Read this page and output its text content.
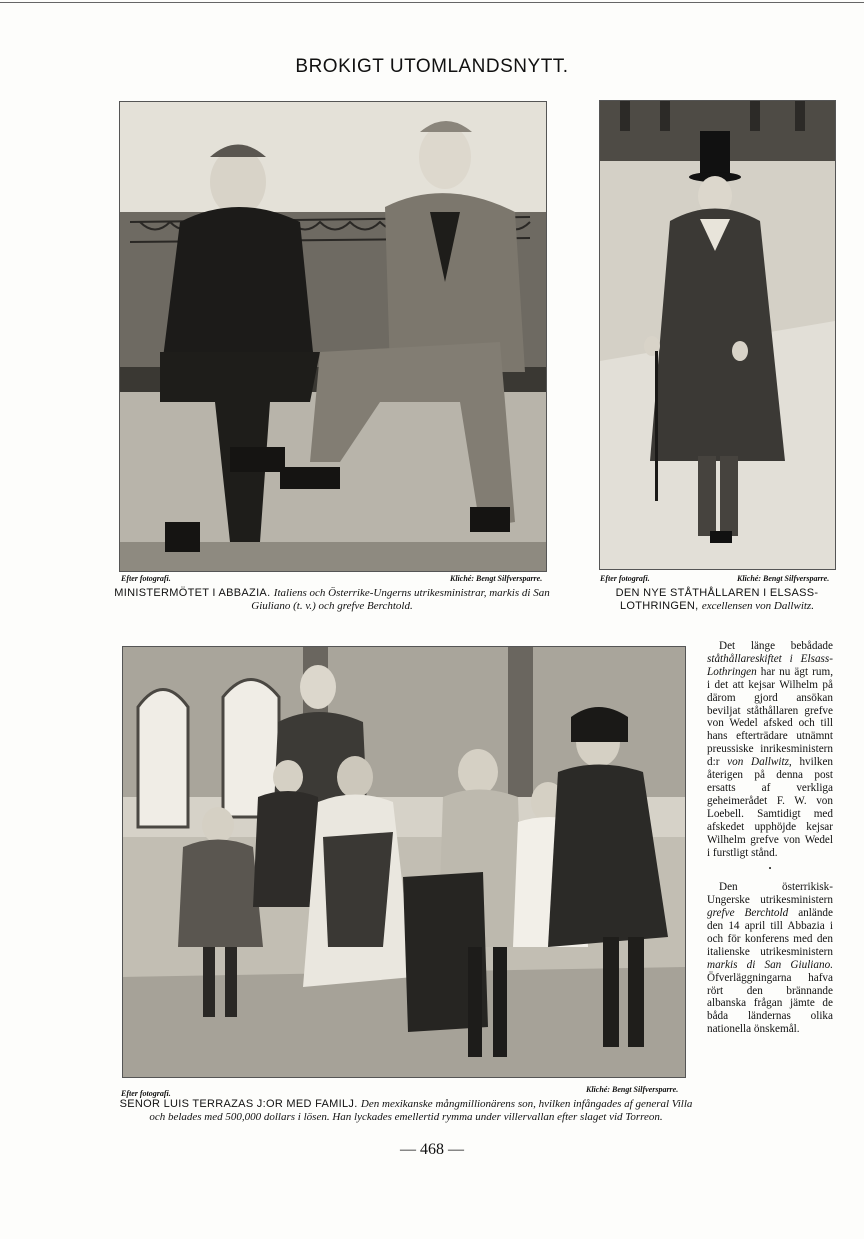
BROKIGT UTOMLANDSNYTT.
Efter fotografi.	Kliché: Bengt Silfversparre.
MINISTERMÖTET I ABBAZIA. Italiens och Österrike-Ungerns utrikesministrar, markis di San Giuliano (t. v.) och grefve Berchtold.
Efter fotografi.	Kliché: Bengt Silfversparre.
DEN NYE STÅTHÅLLAREN I ELSASS-LOTHRINGEN, excellensen von Dallwitz.
Efter fotografi.	Kliché: Bengt Silfversparre.
SENOR LUIS TERRAZAS J:OR MED FAMILJ. Den mexikanske mångmillionärens son, hvilken infångades af general Villa och belades med 500,000 dollars i lösen. Han lyckades emellertid rymma under villervallan efter slaget vid Torreon.

Det länge bebådade ståthållareskiftet i Elsass-Lothringen har nu ägt rum, i det att kejsar Wilhelm på därom gjord ansökan beviljat ståthållaren grefve von Wedel afsked och till hans efterträdare utnämnt preussiske inrikesministern d:r von Dallwitz, hvilken återigen på denna post ersatts af verkliga geheimerådet F. W. von Loebell. Samtidigt med afskedet upphöjde kejsar Wilhelm grefve von Wedel i furstligt stånd.

•

Den österrikisk-Ungerske utrikesministern grefve Berchtold anlände den 14 april till Abbazia i och för konferens med den italienske utrikesministern markis di San Giuliano. Öfverläggningarna hafva rört den brännande albanska frågan jämte de båda ländernas olika nationella önskemål.

— 468 —
